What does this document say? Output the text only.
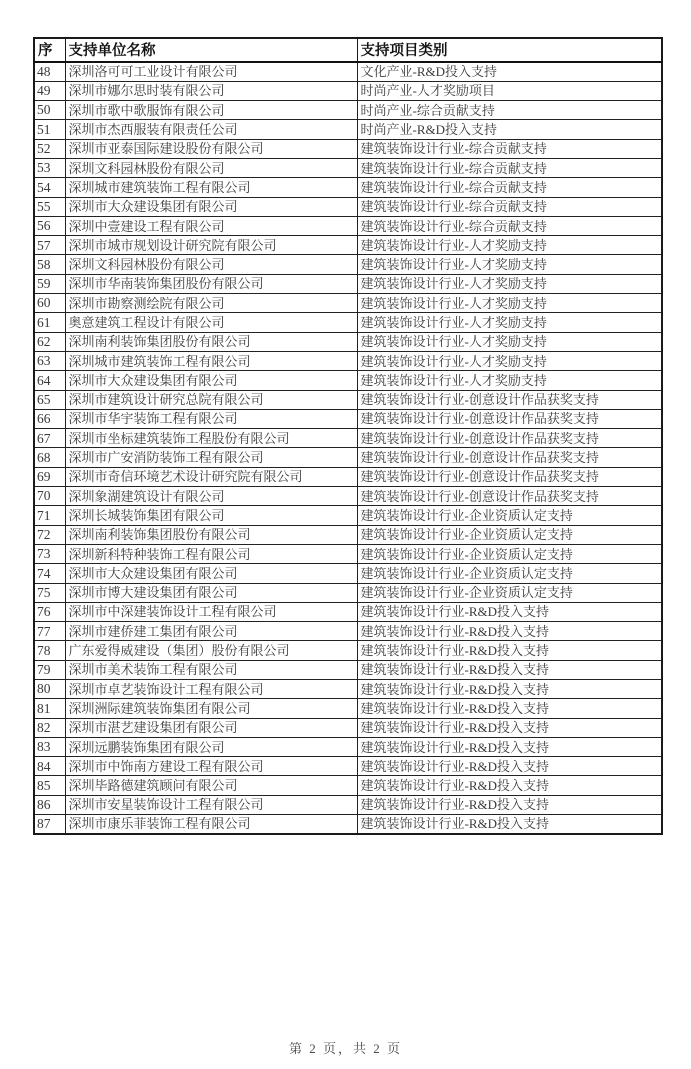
序	支持单位名称	支持项目类别
48	深圳洛可可工业设计有限公司	文化产业-R&D投入支持
49	深圳市娜尔思时装有限公司	时尚产业-人才奖励项目
50	深圳市歌中歌服饰有限公司	时尚产业-综合贡献支持
51	深圳市杰西服装有限责任公司	时尚产业-R&D投入支持
52	深圳市亚泰国际建设股份有限公司	建筑装饰设计行业-综合贡献支持
53	深圳文科园林股份有限公司	建筑装饰设计行业-综合贡献支持
54	深圳城市建筑装饰工程有限公司	建筑装饰设计行业-综合贡献支持
55	深圳市大众建设集团有限公司	建筑装饰设计行业-综合贡献支持
56	深圳中壹建设工程有限公司	建筑装饰设计行业-综合贡献支持
57	深圳市城市规划设计研究院有限公司	建筑装饰设计行业-人才奖励支持
58	深圳文科园林股份有限公司	建筑装饰设计行业-人才奖励支持
59	深圳市华南装饰集团股份有限公司	建筑装饰设计行业-人才奖励支持
60	深圳市勘察测绘院有限公司	建筑装饰设计行业-人才奖励支持
61	奥意建筑工程设计有限公司	建筑装饰设计行业-人才奖励支持
62	深圳南利装饰集团股份有限公司	建筑装饰设计行业-人才奖励支持
63	深圳城市建筑装饰工程有限公司	建筑装饰设计行业-人才奖励支持
64	深圳市大众建设集团有限公司	建筑装饰设计行业-人才奖励支持
65	深圳市建筑设计研究总院有限公司	建筑装饰设计行业-创意设计作品获奖支持
66	深圳市华宇装饰工程有限公司	建筑装饰设计行业-创意设计作品获奖支持
67	深圳市坐标建筑装饰工程股份有限公司	建筑装饰设计行业-创意设计作品获奖支持
68	深圳市广安消防装饰工程有限公司	建筑装饰设计行业-创意设计作品获奖支持
69	深圳市奇信环境艺术设计研究院有限公司	建筑装饰设计行业-创意设计作品获奖支持
70	深圳象湖建筑设计有限公司	建筑装饰设计行业-创意设计作品获奖支持
71	深圳长城装饰集团有限公司	建筑装饰设计行业-企业资质认定支持
72	深圳南利装饰集团股份有限公司	建筑装饰设计行业-企业资质认定支持
73	深圳新科特种装饰工程有限公司	建筑装饰设计行业-企业资质认定支持
74	深圳市大众建设集团有限公司	建筑装饰设计行业-企业资质认定支持
75	深圳市博大建设集团有限公司	建筑装饰设计行业-企业资质认定支持
76	深圳市中深建装饰设计工程有限公司	建筑装饰设计行业-R&D投入支持
77	深圳市建侨建工集团有限公司	建筑装饰设计行业-R&D投入支持
78	广东爱得威建设（集团）股份有限公司	建筑装饰设计行业-R&D投入支持
79	深圳市美术装饰工程有限公司	建筑装饰设计行业-R&D投入支持
80	深圳市卓艺装饰设计工程有限公司	建筑装饰设计行业-R&D投入支持
81	深圳洲际建筑装饰集团有限公司	建筑装饰设计行业-R&D投入支持
82	深圳市湛艺建设集团有限公司	建筑装饰设计行业-R&D投入支持
83	深圳远鹏装饰集团有限公司	建筑装饰设计行业-R&D投入支持
84	深圳市中饰南方建设工程有限公司	建筑装饰设计行业-R&D投入支持
85	深圳毕路德建筑顾问有限公司	建筑装饰设计行业-R&D投入支持
86	深圳市安星装饰设计工程有限公司	建筑装饰设计行业-R&D投入支持
87	深圳市康乐菲装饰工程有限公司	建筑装饰设计行业-R&D投入支持
第 2 页，共 2 页
